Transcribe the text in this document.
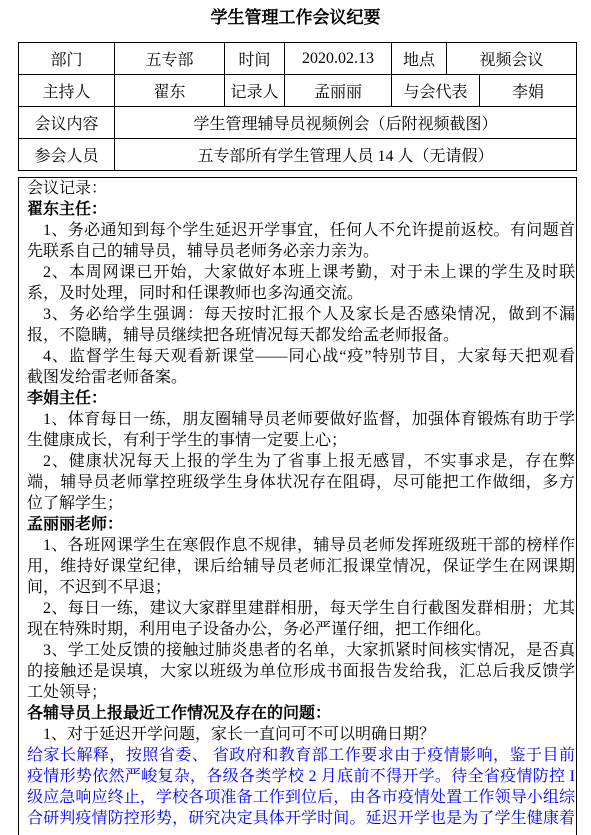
学生管理工作会议纪要
部门	五专部	时间	2020.02.13	地点	视频会议
主持人	翟东	记录人	孟丽丽	与会代表	李娟
会议内容	学生管理辅导员视频例会（后附视频截图）
参会人员	五专部所有学生管理人员 14 人（无请假）
会议记录：
翟东主任：
1、务必通知到每个学生延迟开学事宜，任何人不允许提前返校。有问题首
先联系自己的辅导员，辅导员老师务必亲力亲为。
2、本周网课已开始，大家做好本班上课考勤，对于未上课的学生及时联
系，及时处理，同时和任课教师也多沟通交流。
3、务必给学生强调：每天按时汇报个人及家长是否感染情况，做到不漏
报，不隐瞒，辅导员继续把各班情况每天都发给孟老师报备。
4、监督学生每天观看新课堂——同心战“疫”特别节目，大家每天把观看
截图发给雷老师备案。
李娟主任：
1、体育每日一练，朋友圈辅导员老师要做好监督，加强体育锻炼有助于学
生健康成长，有利于学生的事情一定要上心；
2、健康状况每天上报的学生为了省事上报无感冒，不实事求是，存在弊
端，辅导员老师掌控班级学生身体状况存在阻碍，尽可能把工作做细，多方
位了解学生；
孟丽丽老师：
1、各班网课学生在寒假作息不规律，辅导员老师发挥班级班干部的榜样作
用，维持好课堂纪律，课后给辅导员老师汇报课堂情况，保证学生在网课期
间，不迟到不早退；
2、每日一练，建议大家群里建群相册，每天学生自行截图发群相册；尤其
现在特殊时期，利用电子设备办公，务必严谨仔细，把工作细化。
3、学工处反馈的接触过肺炎患者的名单，大家抓紧时间核实情况，是否真
的接触还是误填，大家以班级为单位形成书面报告发给我，汇总后我反馈学
工处领导；
各辅导员上报最近工作情况及存在的问题：
1、对于延迟开学问题，家长一直问可不可以明确日期？
给家长解释，按照省委、 省政府和教育部工作要求由于疫情影响，鉴于目前
疫情形势依然严峻复杂，各级各类学校 2 月底前不得开学。待全省疫情防控 I
级应急响应终止，学校各项准备工作到位后，由各市疫情处置工作领导小组综
合研判疫情防控形势，研究决定具体开学时间。延迟开学也是为了学生健康着
